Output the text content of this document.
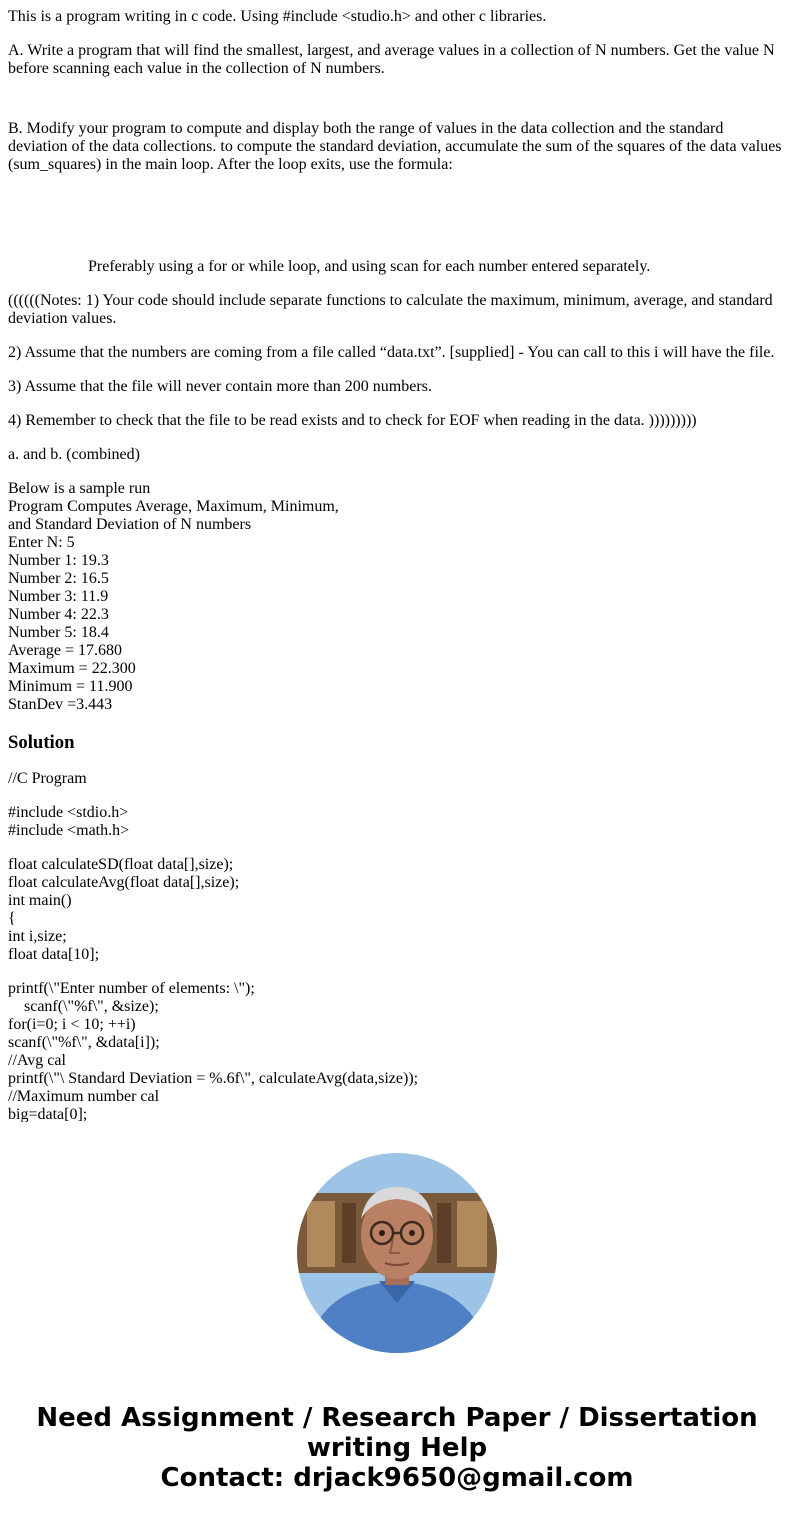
This is a program writing in c code. Using #include <studio.h> and other c libraries.

A. Write a program that will find the smallest, largest, and average values in a collection of N numbers. Get the value N before scanning each value in the collection of N numbers.

B. Modify your program to compute and display both the range of values in the data collection and the standard deviation of the data collections. to compute the standard deviation, accumulate the sum of the squares of the data values (sum_squares) in the main loop. After the loop exits, use the formula:

Preferably using a for or while loop, and using scan for each number entered separately.

((((((Notes: 1) Your code should include separate functions to calculate the maximum, minimum, average, and standard deviation values.

2) Assume that the numbers are coming from a file called “data.txt”. [supplied] - You can call to this i will have the file.

3) Assume that the file will never contain more than 200 numbers.

4) Remember to check that the file to be read exists and to check for EOF when reading in the data. )))))))))

a. and b. (combined)

Below is a sample run
Program Computes Average, Maximum, Minimum,
and Standard Deviation of N numbers
Enter N: 5
Number 1: 19.3
Number 2: 16.5
Number 3: 11.9
Number 4: 22.3
Number 5: 18.4
Average = 17.680
Maximum = 22.300
Minimum = 11.900
StanDev =3.443
Solution

//C Program

#include <stdio.h>
#include <math.h>
float calculateSD(float data[],size);
float calculateAvg(float data[],size);
int main()
{
int i,size;
float data[10];
printf(\"Enter number of elements: \");
scanf(\"%f\", &size);
for(i=0; i < 10; ++i)
scanf(\"%f\", &data[i]);
//Avg cal
printf(\"\ Standard Deviation = %.6f\", calculateAvg(data,size));
//Maximum number cal
big=data[0];
Need Assignment / Research Paper / Dissertation
writing Help
Contact: drjack9650@gmail.com
